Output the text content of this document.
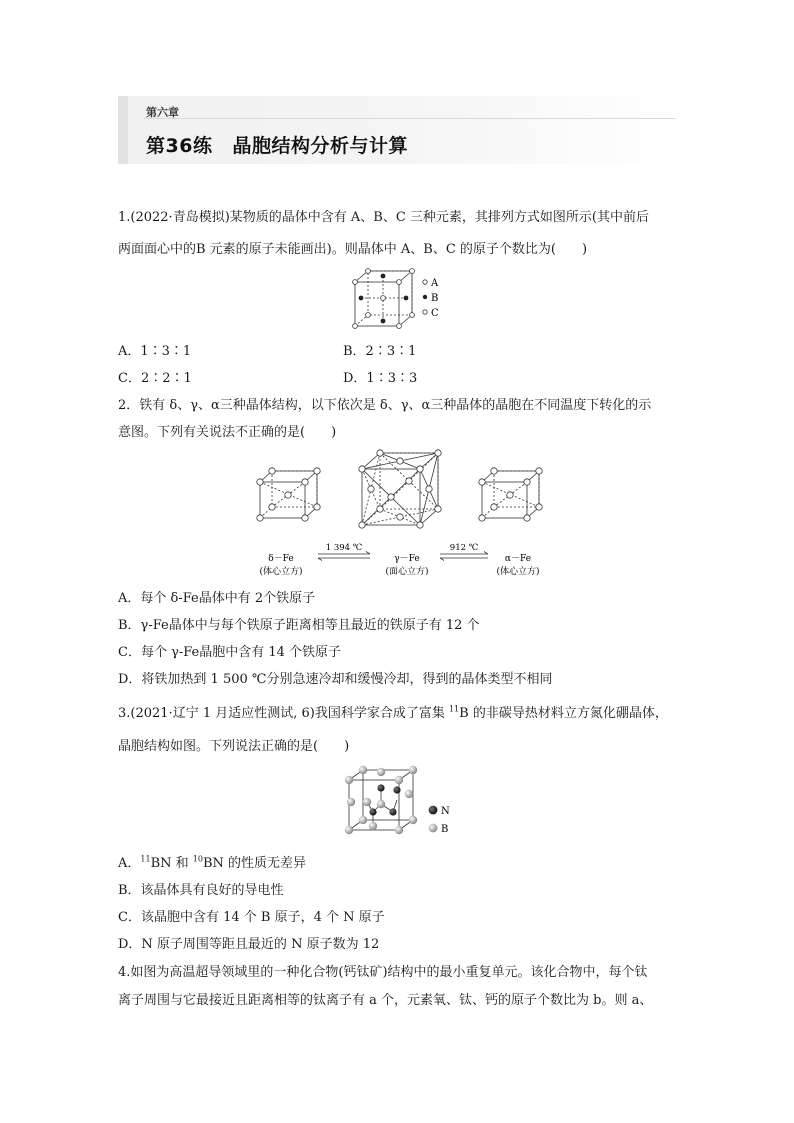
第六章
第36练 晶胞结构分析与计算
1.(2022·青岛模拟)某物质的晶体中含有 A、B、C 三种元素，其排列方式如图所示(其中前后
两面面心中的B 元素的原子未能画出)。则晶体中 A、B、C 的原子个数比为(　　)
A
B
C
A．1∶3∶1	B．2∶3∶1
C．2∶2∶1	D．1∶3∶3
2．铁有 δ、γ、α三种晶体结构，以下依次是 δ、γ、α三种晶体的晶胞在不同温度下转化的示
意图。下列有关说法不正确的是(　　)
δ－Fe
(体心立方)
1 394 ℃
γ－Fe
(面心立方)
912 ℃
α－Fe
(体心立方)
A．每个 δ-Fe晶体中有 2个铁原子
B．γ-Fe晶体中与每个铁原子距离相等且最近的铁原子有 12 个
C．每个 γ-Fe晶胞中含有 14 个铁原子
D．将铁加热到 1 500 ℃分别急速冷却和缓慢冷却，得到的晶体类型不相同
3.(2021·辽宁 1 月适应性测试, 6)我国科学家合成了富集 $^{11}$B 的非碳导热材料立方氮化硼晶体，
晶胞结构如图。下列说法正确的是(　　)
N
B
A．$^{11}$BN 和 $^{10}$BN 的性质无差异
B．该晶体具有良好的导电性
C．该晶胞中含有 14 个 B 原子，4 个 N 原子
D．N 原子周围等距且最近的 N 原子数为 12
4.如图为高温超导领域里的一种化合物(钙钛矿)结构中的最小重复单元。该化合物中，每个钛
离子周围与它最接近且距离相等的钛离子有 a 个，元素氧、钛、钙的原子个数比为 b。则 a、
